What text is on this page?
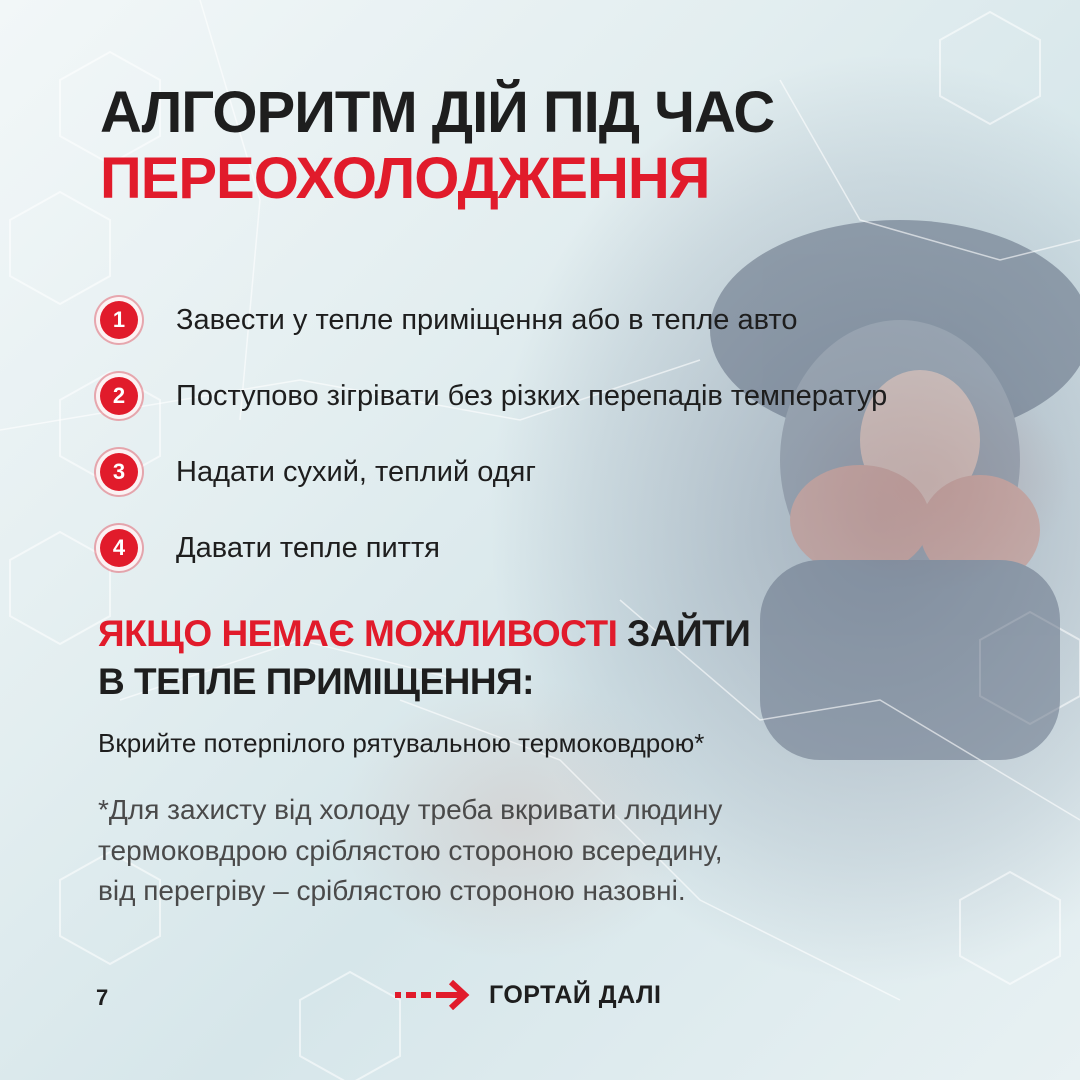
АЛГОРИТМ ДІЙ ПІД ЧАС
ПЕРЕОХОЛОДЖЕННЯ
1	Завести у тепле приміщення або в тепле авто
2	Поступово зігрівати без різких перепадів температур
3	Надати сухий, теплий одяг
4	Давати тепле пиття
ЯКЩО НЕМАЄ МОЖЛИВОСТІ ЗАЙТИ
В ТЕПЛЕ ПРИМІЩЕННЯ:
Вкрийте потерпілого рятувальною термоковдрою*
*Для захисту від холоду треба вкривати людину
термоковдрою сріблястою стороною всередину,
від перегріву – сріблястою стороною назовні.
7	ГОРТАЙ ДАЛІ
